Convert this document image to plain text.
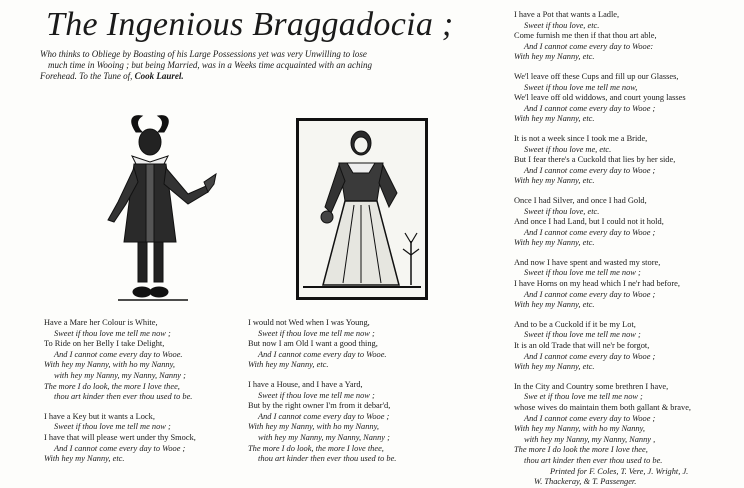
The Ingenious Braggadocia ;
Who thinks to Obliege by Boasting of his Large Possessions yet was very Unwilling to lose
much time in Wooing ; but being Married, was in a Weeks time acquainted with an aching
Forehead. To the Tune of, Cook Laurel.
Have a Mare her Colour is White,
Sweet if thou love me tell me now ;
To Ride on her Belly I take Delight,
And I cannot come every day to Wooe.
With hey my Nanny, with ho my Nanny,
with hey my Nanny, my Nanny, Nanny ;
The more I do look, the more I love thee,
thou art kinder then ever thou used to be.
I have a Key but it wants a Lock,
Sweet if thou love me tell me now ;
I have that will please wert under thy Smock,
And I cannot come every day to Wooe ;
With hey my Nanny, etc.
I would not Wed when I was Young,
Sweet if thou love me tell me now ;
But now I am Old I want a good thing,
And I cannot come every day to Wooe.
With hey my Nanny, etc.
I have a House, and I have a Yard,
Sweet if thou love me tell me now ;
But by the right owner I'm from it debar'd,
And I cannot come every day to Wooe ;
With hey my Nanny, with ho my Nanny,
with hey my Nanny, my Nanny, Nanny ;
The more I do look, the more I love thee,
thou art kinder then ever thou used to be.
I have a Pot that wants a Ladle,
Sweet if thou love, etc.
Come furnish me then if that thou art able,
And I cannot come every day to Wooe:
With hey my Nanny, etc.
We'l leave off these Cups and fill up our Glasses,
Sweet if thou love me tell me now,
We'l leave off old widdows, and court young lasses
And I cannot come every day to Wooe ;
With hey my Nanny, etc.
It is not a week since I took me a Bride,
Sweet if thou love me, etc.
But I fear there's a Cuckold that lies by her side,
And I cannot come every day to Wooe ;
With hey my Nanny, etc.
Once I had Silver, and once I had Gold,
Sweet if thou love, etc.
And once I had Land, but I could not it hold,
And I cannot come every day to Wooe ;
With hey my Nanny, etc.
And now I have spent and wasted my store,
Sweet if thou love me tell me now ;
I have Horns on my head which I ne'r had before,
And I cannot come every day to Wooe ;
With hey my Nanny, etc.
And to be a Cuckold if it be my Lot,
Sweet if thou love me tell me now ;
It is an old Trade that will ne'r be forgot,
And I cannot come every day to Wooe ;
With hey my Nanny, etc.
In the City and Country some brethren I have,
Swe et if thou love me tell me now ;
whose wives do maintain them both gallant & brave,
And I cannot come every day to Wooe ;
With hey my Nanny, with ho my Nanny,
with hey my Nanny, my Nanny, Nanny ,
The more I do look the more I love thee,
thou art kinder then ever thou used to be.
Printed for F. Coles, T. Vere, J. Wright, J.
W. Thackeray, & T. Passenger.
